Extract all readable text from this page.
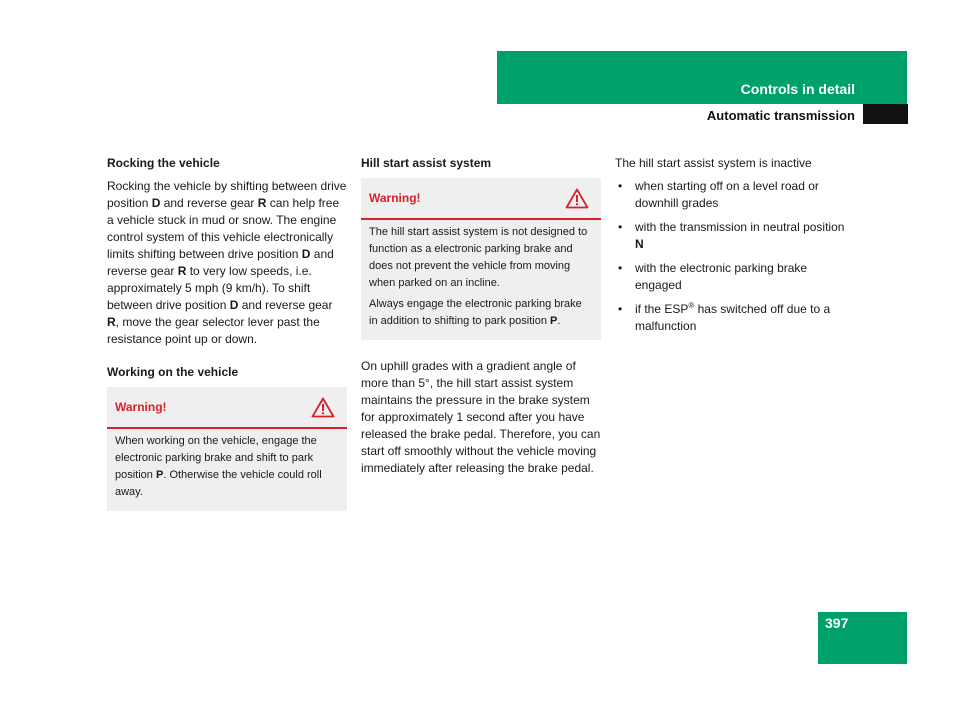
Controls in detail
Automatic transmission
Rocking the vehicle

Rocking the vehicle by shifting between drive position D and reverse gear R can help free a vehicle stuck in mud or snow. The engine control system of this vehicle electronically limits shifting between drive position D and reverse gear R to very low speeds, i.e. approximately 5 mph (9 km/h). To shift between drive position D and reverse gear R, move the gear selector lever past the resistance point up or down.

Working on the vehicle
Warning!

When working on the vehicle, engage the electronic parking brake and shift to park position P. Otherwise the vehicle could roll away.

Hill start assist system
Warning!

The hill start assist system is not designed to function as a electronic parking brake and does not prevent the vehicle from moving when parked on an incline.

Always engage the electronic parking brake in addition to shifting to park position P.

On uphill grades with a gradient angle of more than 5°, the hill start assist system maintains the pressure in the brake system for approximately 1 second after you have released the brake pedal. Therefore, you can start off smoothly without the vehicle moving immediately after releasing the brake pedal.

The hill start assist system is inactive

• when starting off on a level road or downhill grades
• with the transmission in neutral position N
• with the electronic parking brake engaged
• if the ESP® has switched off due to a malfunction
397
